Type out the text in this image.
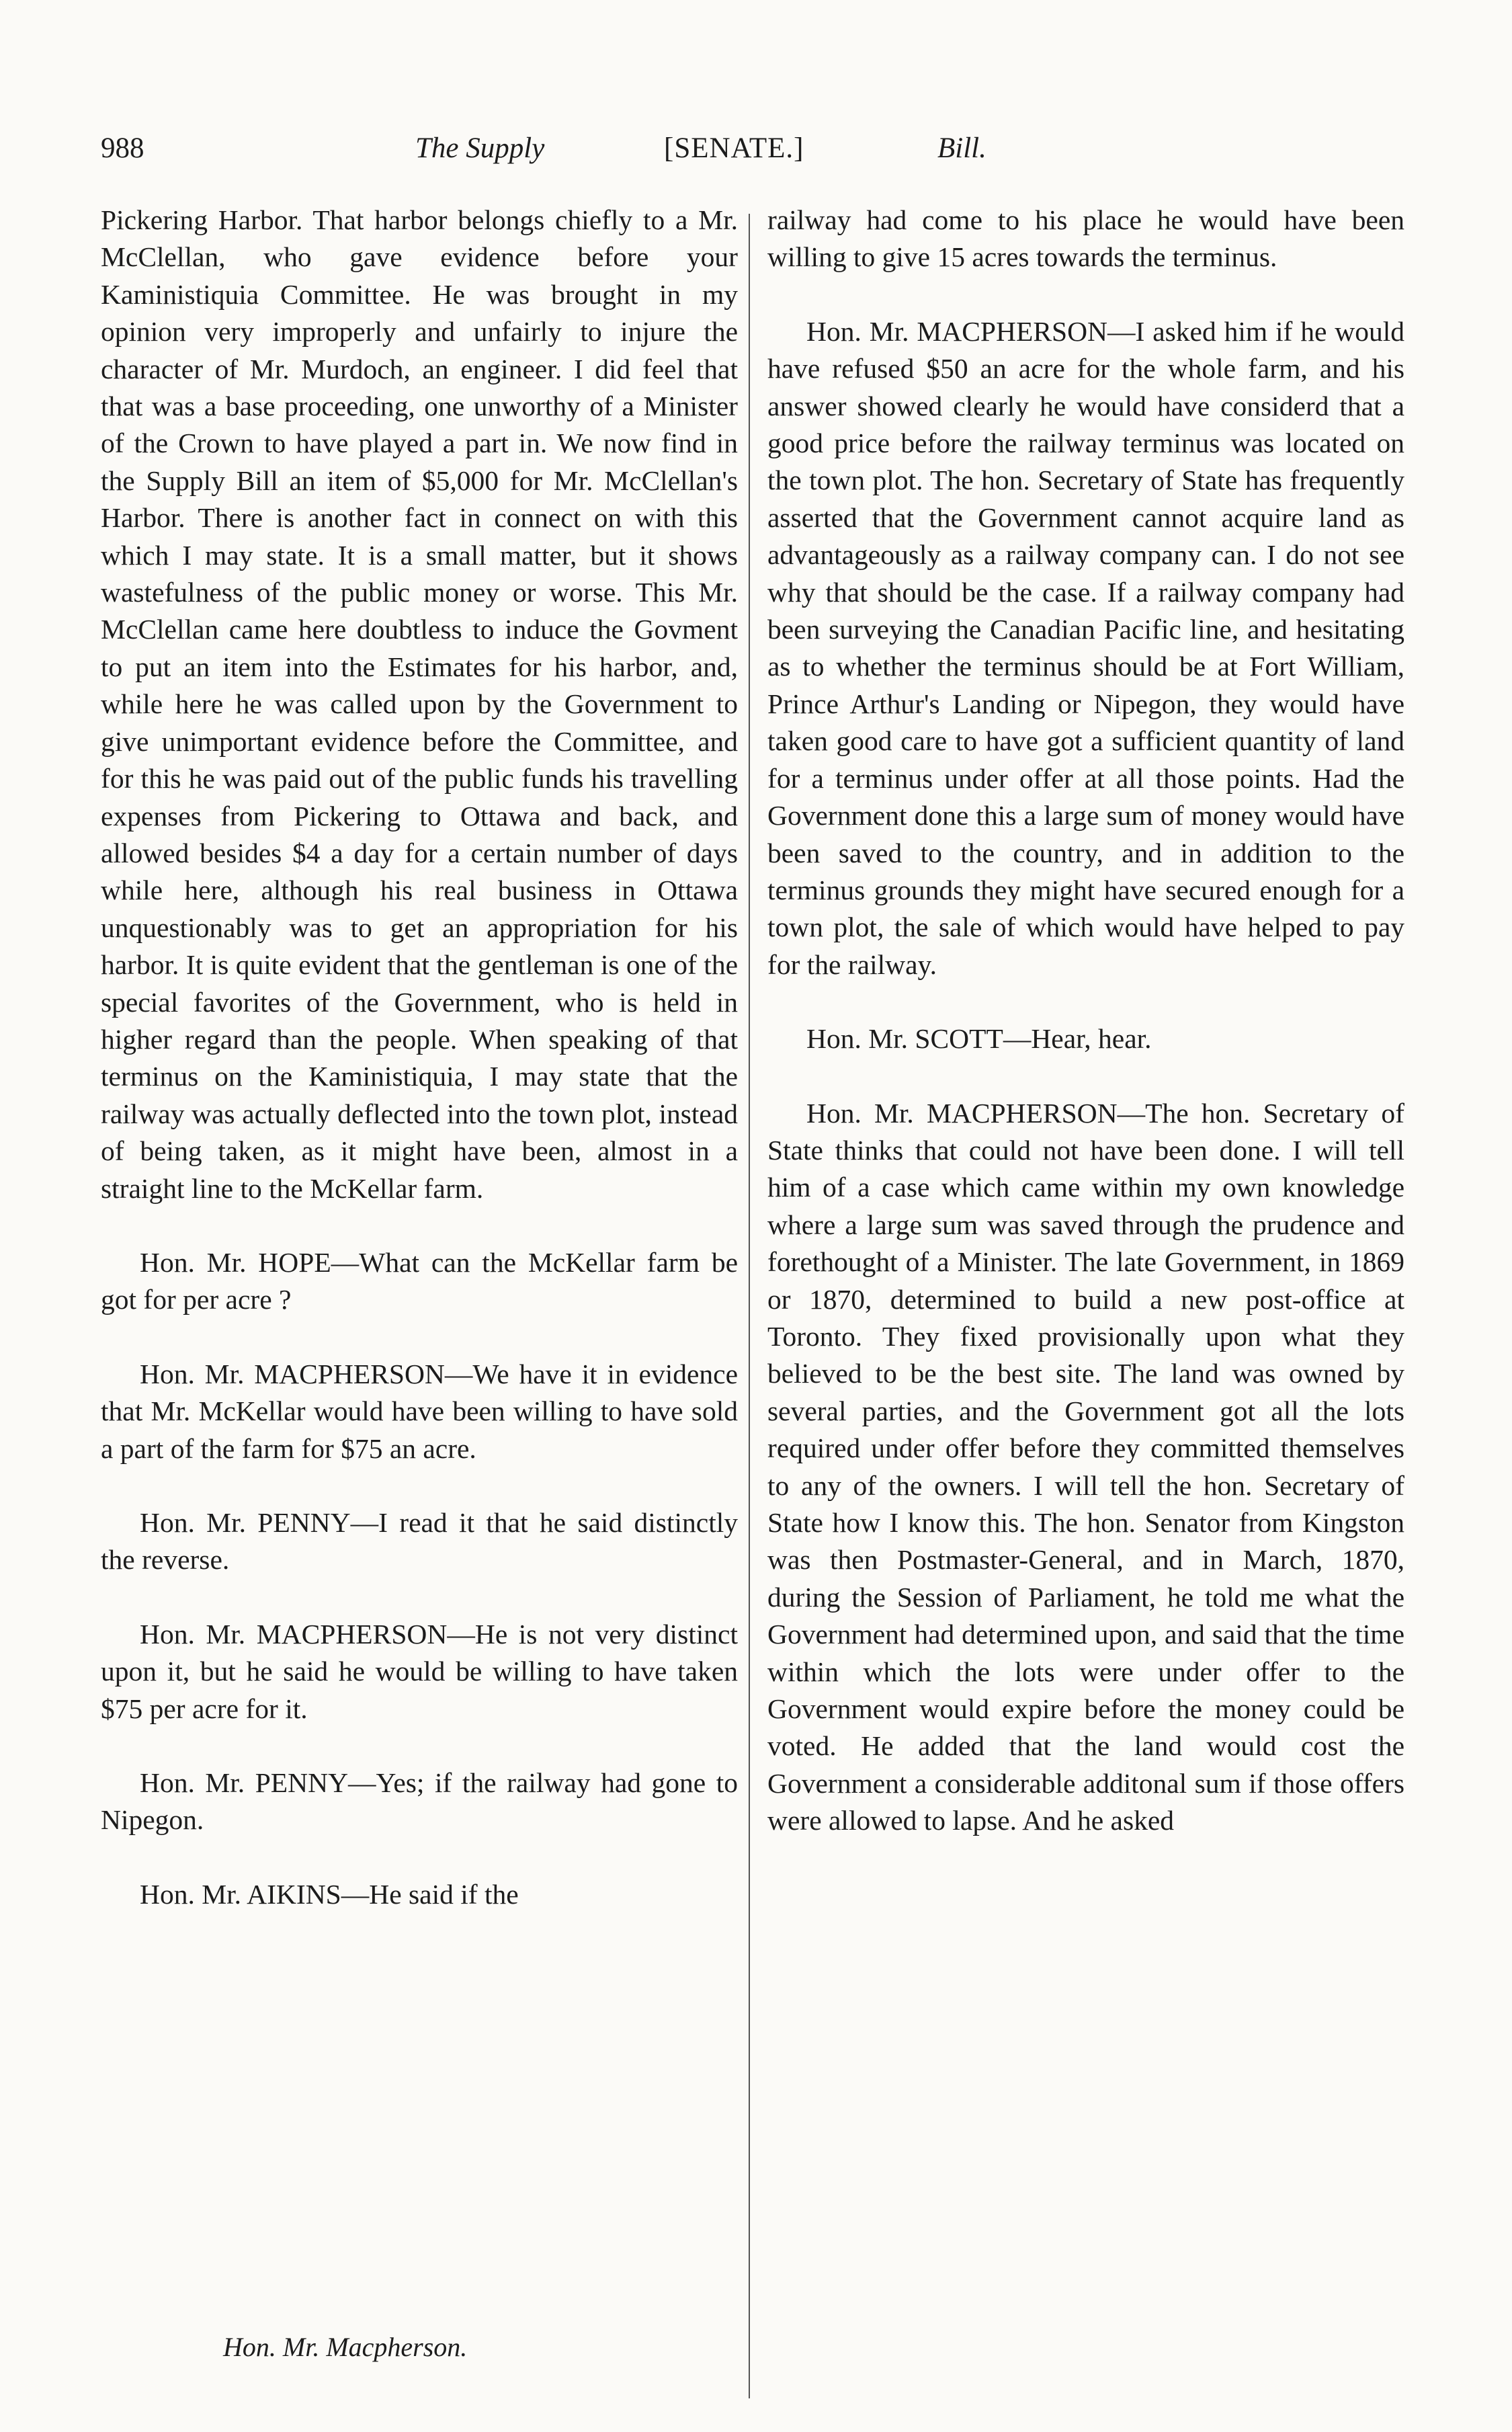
988	The Supply	[SENATE.]	Bill.

Pickering Harbor. That harbor belongs chiefly to a Mr. McClellan, who gave evidence before your Kaministiquia Committee. He was brought in my opinion very improperly and unfairly to injure the character of Mr. Murdoch, an engineer. I did feel that that was a base proceeding, one unworthy of a Minister of the Crown to have played a part in. We now find in the Supply Bill an item of $5,000 for Mr. McClellan's Harbor. There is another fact in connect on with this which I may state. It is a small matter, but it shows wastefulness of the public money or worse. This Mr. McClellan came here doubtless to induce the Govment to put an item into the Estimates for his harbor, and, while here he was called upon by the Government to give unimportant evidence before the Committee, and for this he was paid out of the public funds his travelling expenses from Pickering to Ottawa and back, and allowed besides $4 a day for a certain number of days while here, although his real business in Ottawa unquestionably was to get an appropriation for his harbor. It is quite evident that the gentleman is one of the special favorites of the Government, who is held in higher regard than the people. When speaking of that terminus on the Kaministiquia, I may state that the railway was actually deflected into the town plot, instead of being taken, as it might have been, almost in a straight line to the McKellar farm.

Hon. Mr. HOPE—What can the McKellar farm be got for per acre ?

Hon. Mr. MACPHERSON—We have it in evidence that Mr. McKellar would have been willing to have sold a part of the farm for $75 an acre.

Hon. Mr. PENNY—I read it that he said distinctly the reverse.

Hon. Mr. MACPHERSON—He is not very distinct upon it, but he said he would be willing to have taken $75 per acre for it.

Hon. Mr. PENNY—Yes; if the railway had gone to Nipegon.

Hon. Mr. AIKINS—He said if the

railway had come to his place he would have been willing to give 15 acres towards the terminus.

Hon. Mr. MACPHERSON—I asked him if he would have refused $50 an acre for the whole farm, and his answer showed clearly he would have considerd that a good price before the railway terminus was located on the town plot. The hon. Secretary of State has frequently asserted that the Government cannot acquire land as advantageously as a railway company can. I do not see why that should be the case. If a railway company had been surveying the Canadian Pacific line, and hesitating as to whether the terminus should be at Fort William, Prince Arthur's Landing or Nipegon, they would have taken good care to have got a sufficient quantity of land for a terminus under offer at all those points. Had the Government done this a large sum of money would have been saved to the country, and in addition to the terminus grounds they might have secured enough for a town plot, the sale of which would have helped to pay for the railway.

Hon. Mr. SCOTT—Hear, hear.

Hon. Mr. MACPHERSON—The hon. Secretary of State thinks that could not have been done. I will tell him of a case which came within my own knowledge where a large sum was saved through the prudence and forethought of a Minister. The late Government, in 1869 or 1870, determined to build a new post-office at Toronto. They fixed provisionally upon what they believed to be the best site. The land was owned by several parties, and the Government got all the lots required under offer before they committed themselves to any of the owners. I will tell the hon. Secretary of State how I know this. The hon. Senator from Kingston was then Postmaster-General, and in March, 1870, during the Session of Parliament, he told me what the Government had determined upon, and said that the time within which the lots were under offer to the Government would expire before the money could be voted. He added that the land would cost the Government a considerable additonal sum if those offers were allowed to lapse. And he asked

Hon. Mr. Macpherson.
